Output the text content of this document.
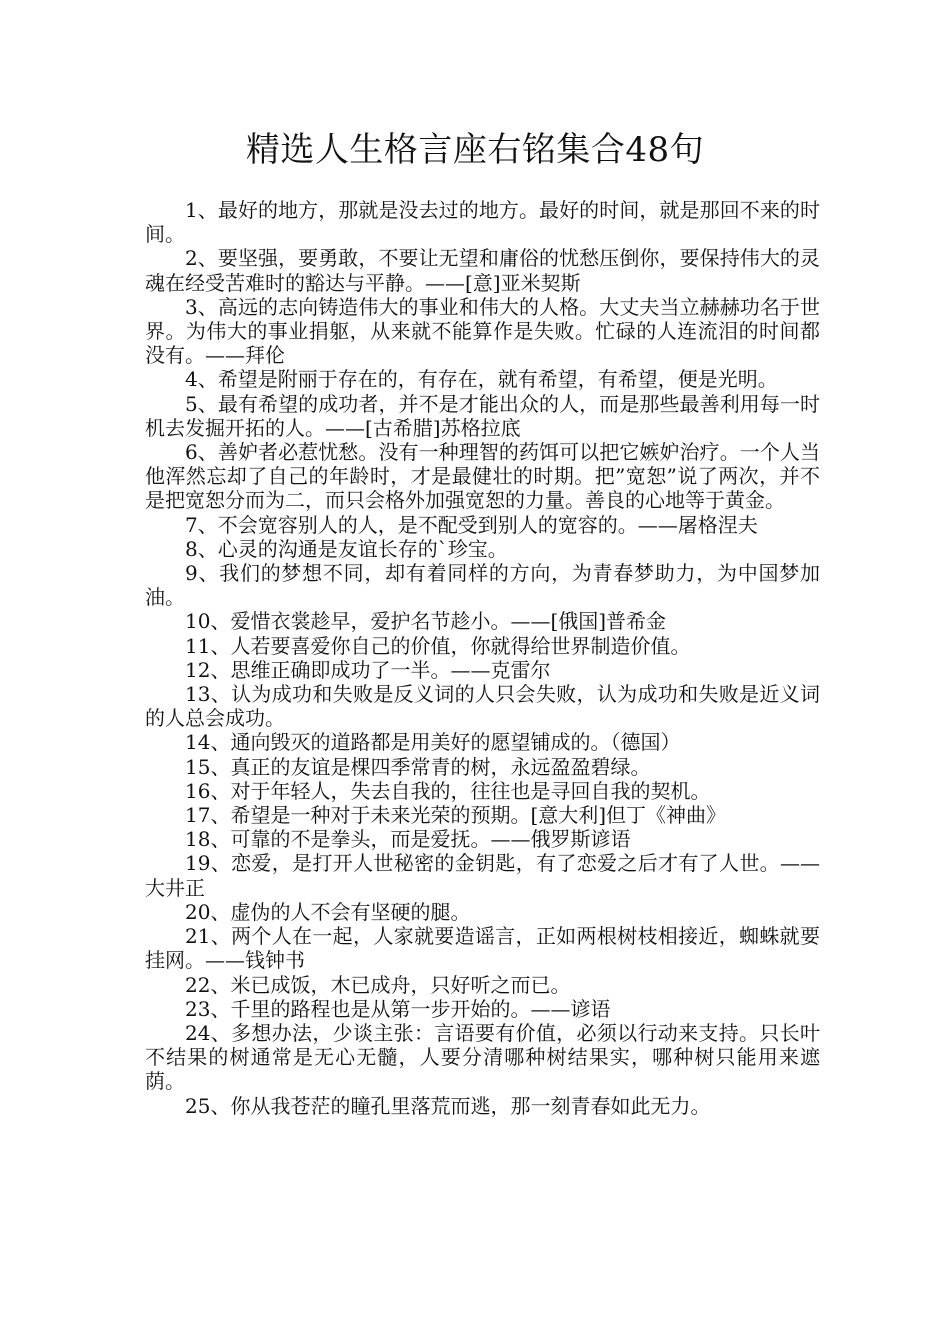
精选人生格言座右铭集合48句

1、最好的地方，那就是没去过的地方。最好的时间，就是那回不来的时间。

2、要坚强，要勇敢，不要让无望和庸俗的忧愁压倒你，要保持伟大的灵魂在经受苦难时的豁达与平静。——[意]亚米契斯

3、高远的志向铸造伟大的事业和伟大的人格。大丈夫当立赫赫功名于世界。为伟大的事业捐躯，从来就不能算作是失败。忙碌的人连流泪的时间都没有。——拜伦

4、希望是附丽于存在的，有存在，就有希望，有希望，便是光明。

5、最有希望的成功者，并不是才能出众的人，而是那些最善利用每一时机去发掘开拓的人。——[古希腊]苏格拉底

6、善妒者必惹忧愁。没有一种理智的药饵可以把它嫉妒治疗。一个人当他浑然忘却了自己的年龄时，才是最健壮的时期。把”宽恕”说了两次，并不是把宽恕分而为二，而只会格外加强宽恕的力量。善良的心地等于黄金。

7、不会宽容别人的人，是不配受到别人的宽容的。——屠格涅夫

8、心灵的沟通是友谊长存的`珍宝。

9、我们的梦想不同，却有着同样的方向，为青春梦助力，为中国梦加油。

10、爱惜衣裳趁早，爱护名节趁小。——[俄国]普希金

11、人若要喜爱你自己的价值，你就得给世界制造价值。

12、思维正确即成功了一半。——克雷尔

13、认为成功和失败是反义词的人只会失败，认为成功和失败是近义词的人总会成功。

14、通向毁灭的道路都是用美好的愿望铺成的。（德国）

15、真正的友谊是棵四季常青的树，永远盈盈碧绿。

16、对于年轻人，失去自我的，往往也是寻回自我的契机。

17、希望是一种对于未来光荣的预期。[意大利]但丁《神曲》

18、可靠的不是拳头，而是爱抚。——俄罗斯谚语

19、恋爱，是打开人世秘密的金钥匙，有了恋爱之后才有了人世。——大井正

20、虚伪的人不会有坚硬的腿。

21、两个人在一起，人家就要造谣言，正如两根树枝相接近，蜘蛛就要挂网。——钱钟书

22、米已成饭，木已成舟，只好听之而已。

23、千里的路程也是从第一步开始的。——谚语

24、多想办法，少谈主张：言语要有价值，必须以行动来支持。只长叶不结果的树通常是无心无髓，人要分清哪种树结果实，哪种树只能用来遮荫。

25、你从我苍茫的瞳孔里落荒而逃，那一刻青春如此无力。
